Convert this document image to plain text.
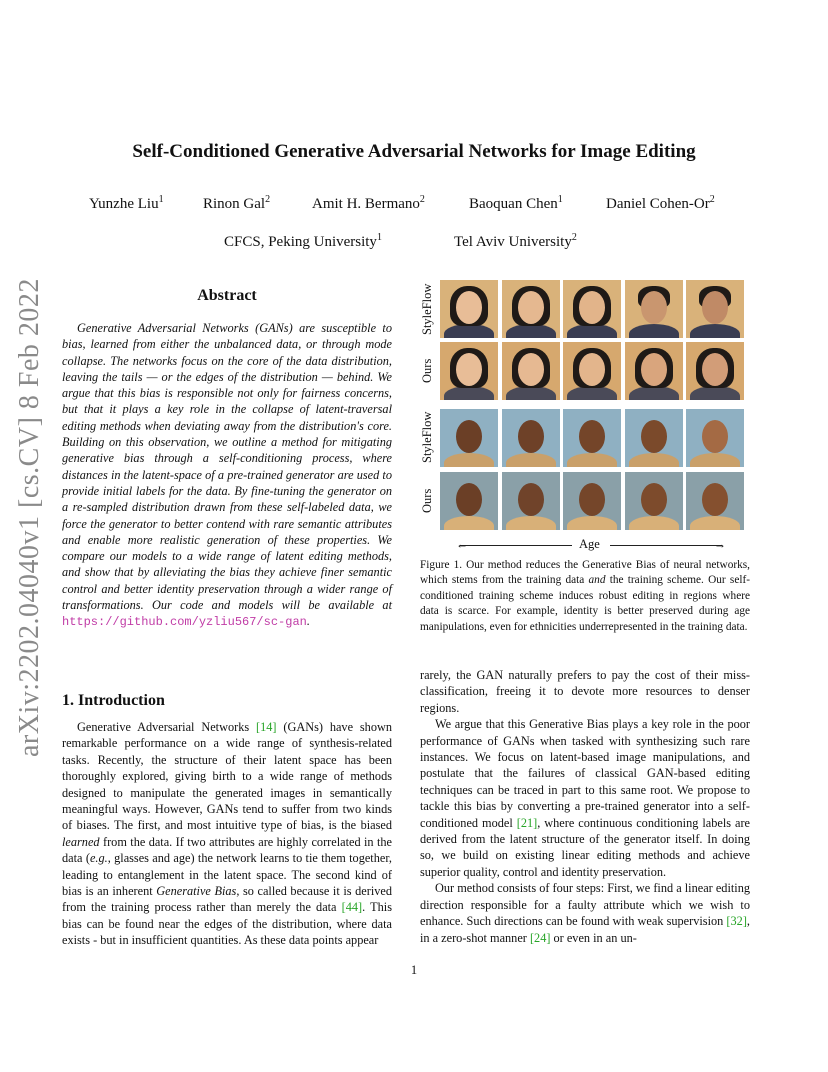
Self-Conditioned Generative Adversarial Networks for Image Editing
Yunzhe Liu$^1$	Rinon Gal$^2$	Amit H. Bermano$^2$	Baoquan Chen$^1$	Daniel Cohen-Or$^2$
CFCS, Peking University$^1$	Tel Aviv University$^2$
arXiv:2202.04040v1 [cs.CV] 8 Feb 2022	Abstract
Generative Adversarial Networks (GANs) are susceptible to bias, learned from either the unbalanced data, or through mode collapse. The networks focus on the core of the data distribution, leaving the tails — or the edges of the distribution — behind. We argue that this bias is responsible not only for fairness concerns, but that it plays a key role in the collapse of latent-traversal editing methods when deviating away from the distribution's core. Building on this observation, we outline a method for mitigating generative bias through a self-conditioning process, where distances in the latent-space of a pre-trained generator are used to provide initial labels for the data. By fine-tuning the generator on a re-sampled distribution drawn from these self-labeled data, we force the generator to better contend with rare semantic attributes and enable more realistic generation of these properties. We compare our models to a wide range of latent editing methods, and show that by alleviating the bias they achieve finer semantic control and better identity preservation through a wider range of transformations. Our code and models will be available at https://github.com/yzliu567/sc-gan.
StyleFlow
Ours
StyleFlow
Ours
←	Age	→
Figure 1. Our method reduces the Generative Bias of neural networks, which stems from the training data and the training scheme. Our self-conditioned training scheme induces robust editing in regions where data is scarce. For example, identity is better preserved during age manipulations, even for ethnicities underrepresented in the training data.
1. Introduction

Generative Adversarial Networks [14] (GANs) have shown remarkable performance on a wide range of synthesis-related tasks. Recently, the structure of their latent space has been thoroughly explored, giving birth to a wide range of methods designed to manipulate the generated images in semantically meaningful ways. However, GANs tend to suffer from two kinds of biases. The first, and most intuitive type of bias, is the biased learned from the data. If two attributes are highly correlated in the data (e.g., glasses and age) the network learns to tie them together, leading to entanglement in the latent space. The second kind of bias is an inherent Generative Bias, so called because it is derived from the training process rather than merely the data [44]. This bias can be found near the edges of the distribution, where data exists - but in insufficient quantities. As these data points appear

rarely, the GAN naturally prefers to pay the cost of their miss-classification, freeing it to devote more resources to denser regions.

We argue that this Generative Bias plays a key role in the poor performance of GANs when tasked with synthesizing such rare instances. We focus on latent-based image manipulations, and postulate that the failures of classical GAN-based editing techniques can be traced in part to this same root. We propose to tackle this bias by converting a pre-trained generator into a self-conditioned model [21], where continuous conditioning labels are derived from the latent structure of the generator itself. In doing so, we build on existing linear editing methods and achieve superior quality, control and identity preservation.

Our method consists of four steps: First, we find a linear editing direction responsible for a faulty attribute which we wish to enhance. Such directions can be found with weak supervision [32], in a zero-shot manner [24] or even in an un-

1
